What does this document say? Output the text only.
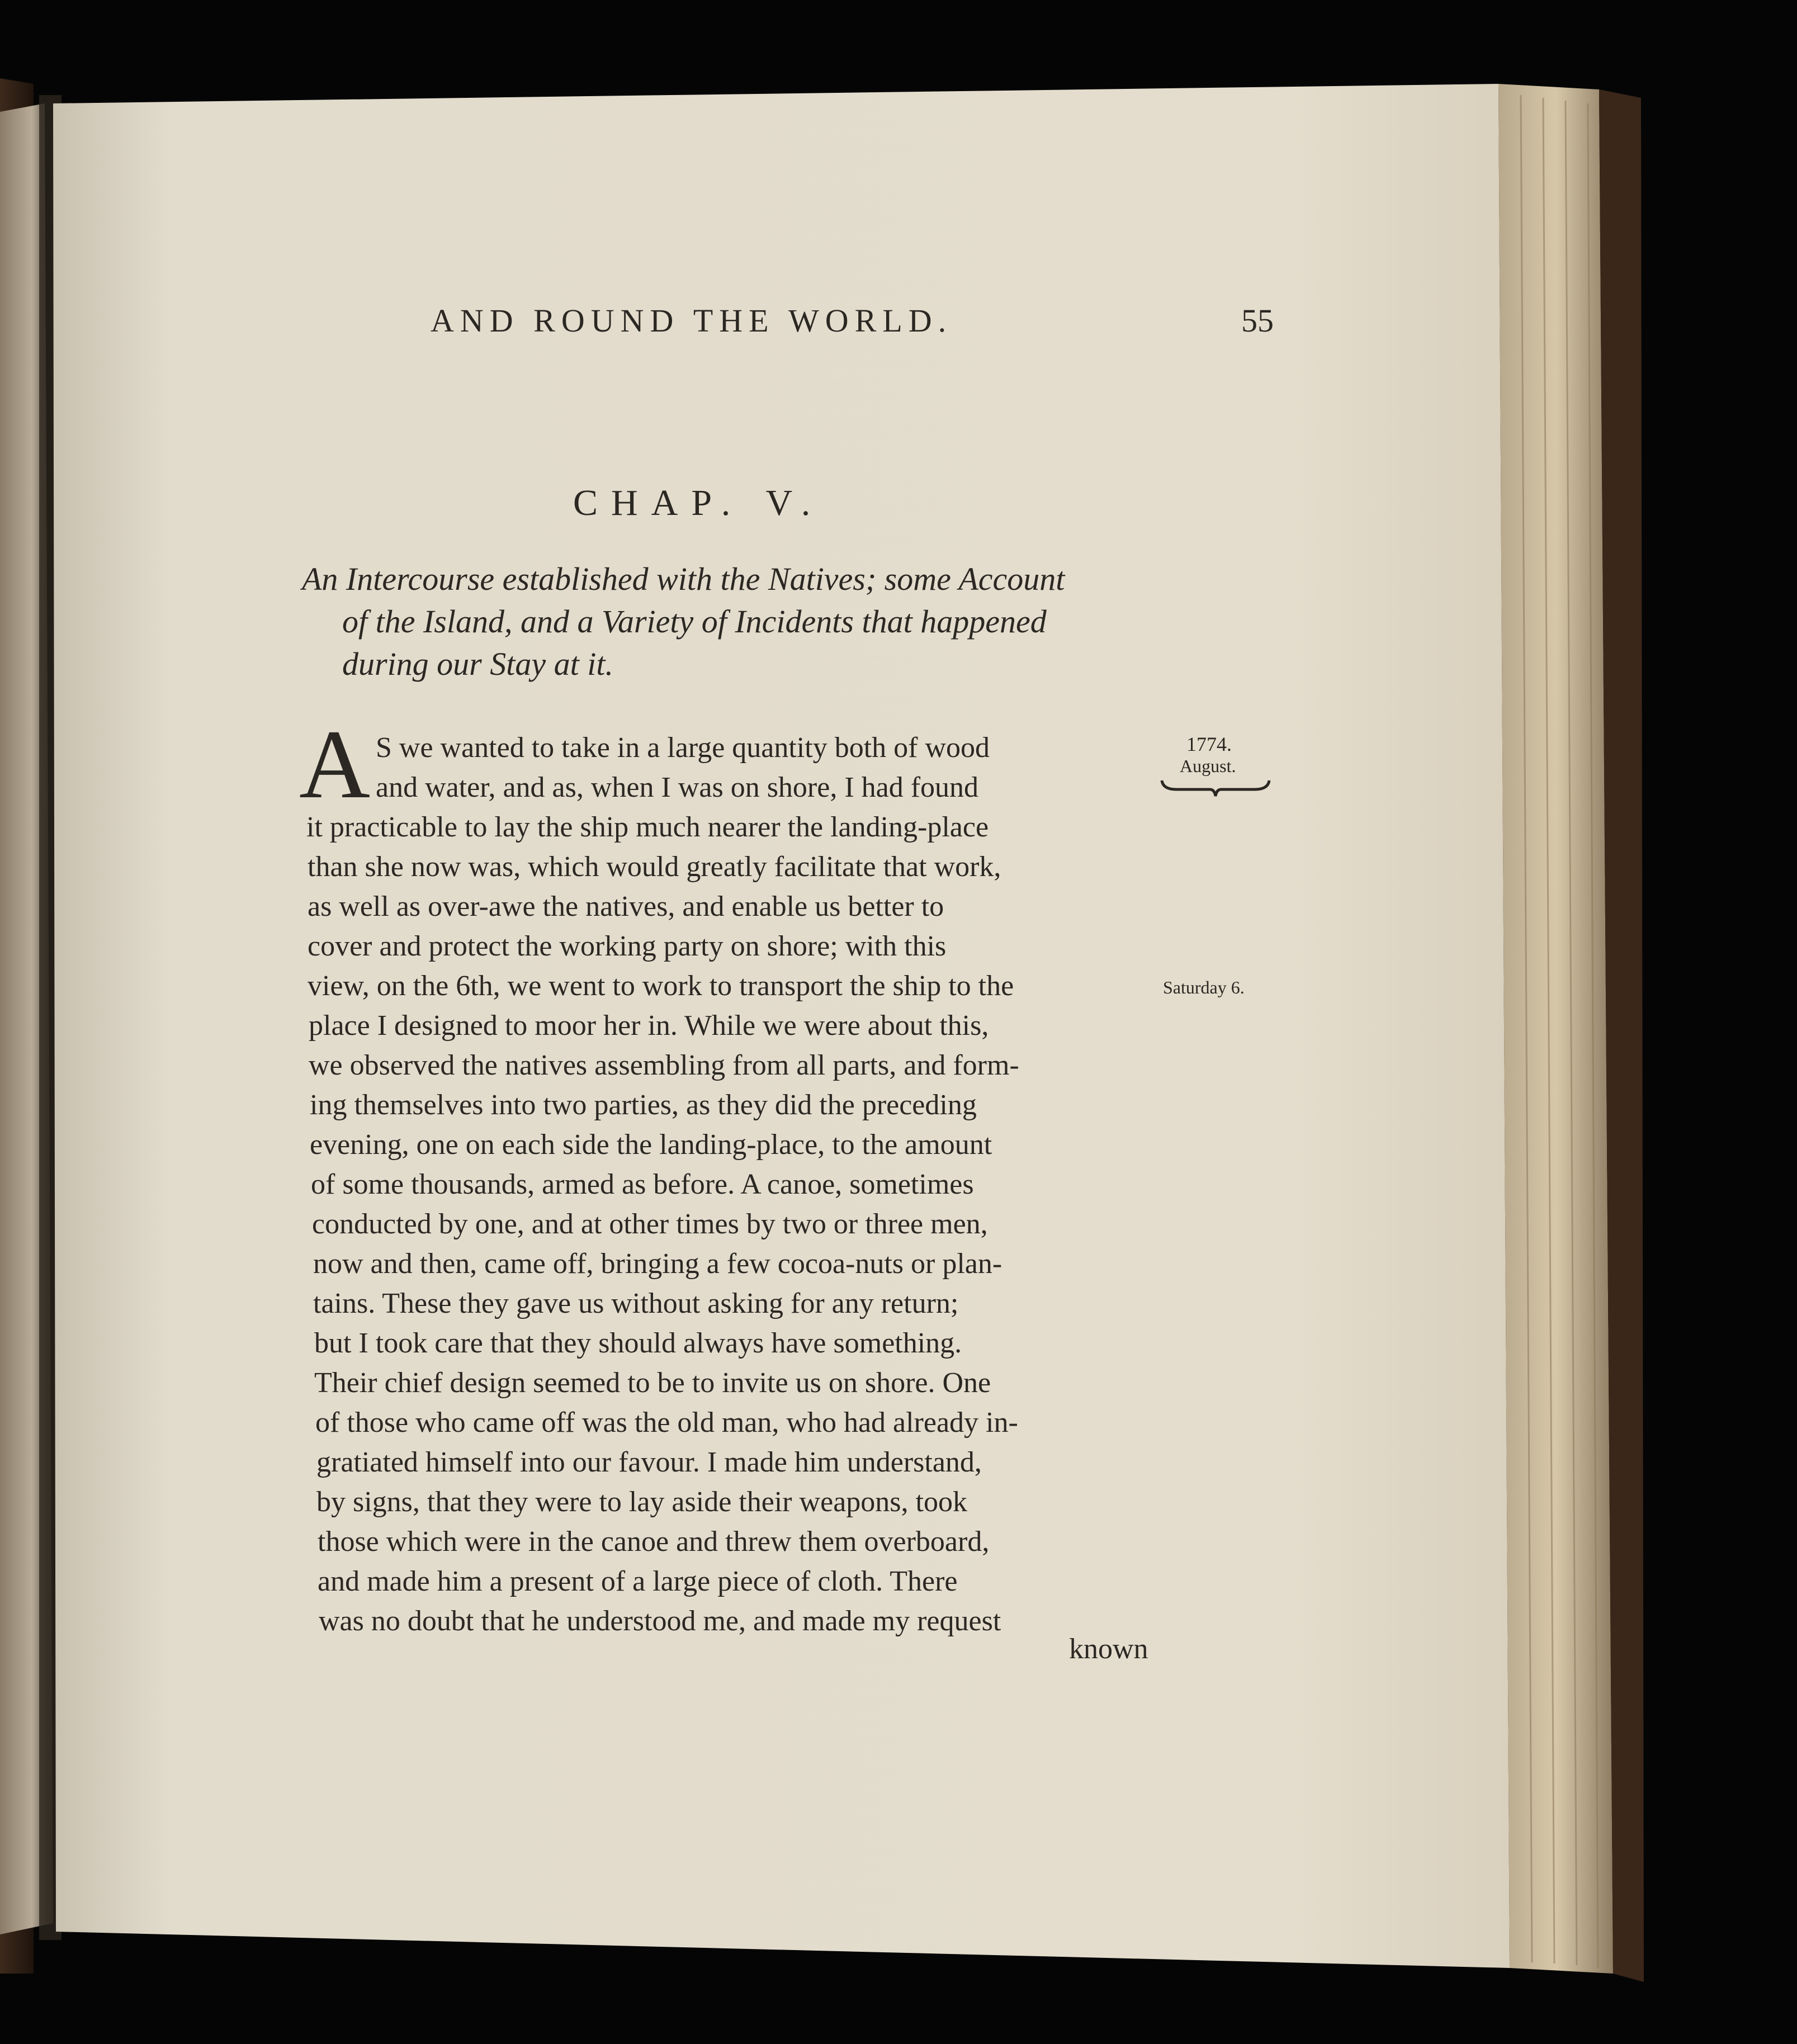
AND ROUND THE WORLD.	55
CHAP. V.
An Intercourse established with the Natives; some Account
of the Island, and a Variety of Incidents that happened
during our Stay at it.
A S we wanted to take in a large quantity both of wood
and water, and as, when I was on shore, I had found
it practicable to lay the ship much nearer the landing-place
than she now was, which would greatly facilitate that work,
as well as over-awe the natives, and enable us better to
cover and protect the working party on shore; with this
view, on the 6th, we went to work to transport the ship to the
place I designed to moor her in. While we were about this,
we observed the natives assembling from all parts, and form-
ing themselves into two parties, as they did the preceding
evening, one on each side the landing-place, to the amount
of some thousands, armed as before. A canoe, sometimes
conducted by one, and at other times by two or three men,
now and then, came off, bringing a few cocoa-nuts or plan-
tains. These they gave us without asking for any return;
but I took care that they should always have something.
Their chief design seemed to be to invite us on shore. One
of those who came off was the old man, who had already in-
gratiated himself into our favour. I made him understand,
by signs, that they were to lay aside their weapons, took
those which were in the canoe and threw them overboard,
and made him a present of a large piece of cloth. There
was no doubt that he understood me, and made my request
known
1774.
August.
Saturday 6.
